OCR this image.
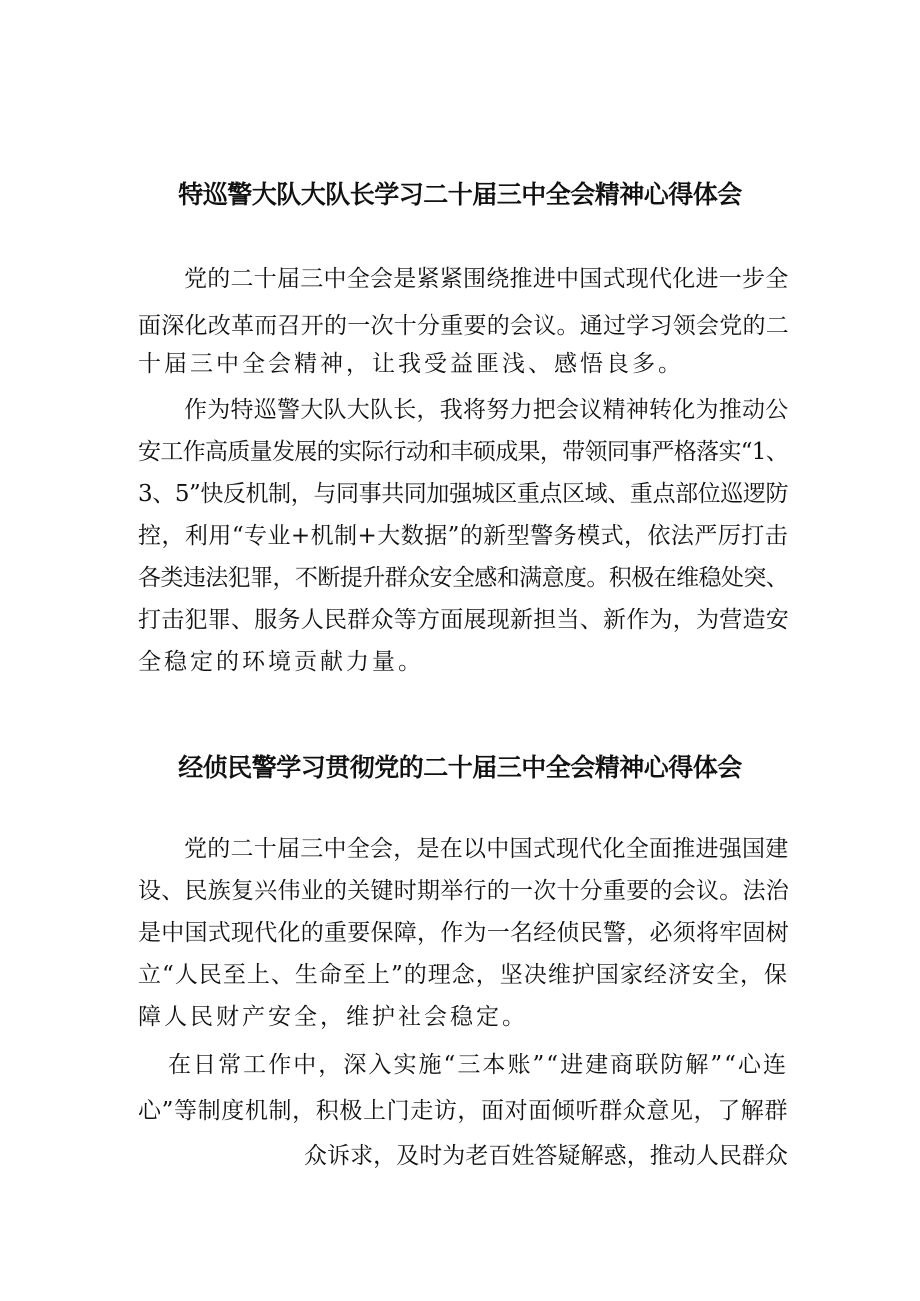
特巡警大队大队长学习二十届三中全会精神心得体会
党的二十届三中全会是紧紧围绕推进中国式现代化进一步全
面深化改革而召开的一次十分重要的会议。通过学习领会党的二
十届三中全会精神，让我受益匪浅、感悟良多。
作为特巡警大队大队长，我将努力把会议精神转化为推动公
安工作高质量发展的实际行动和丰硕成果，带领同事严格落实“1、
3、5”快反机制，与同事共同加强城区重点区域、重点部位巡逻防
控，利用“专业+机制+大数据”的新型警务模式，依法严厉打击
各类违法犯罪，不断提升群众安全感和满意度。积极在维稳处突、
打击犯罪、服务人民群众等方面展现新担当、新作为，为营造安
全稳定的环境贡献力量。
经侦民警学习贯彻党的二十届三中全会精神心得体会
党的二十届三中全会，是在以中国式现代化全面推进强国建
设、民族复兴伟业的关键时期举行的一次十分重要的会议。法治
是中国式现代化的重要保障，作为一名经侦民警，必须将牢固树
立“人民至上、生命至上”的理念，坚决维护国家经济安全，保
障人民财产安全，维护社会稳定。
在日常工作中，深入实施“三本账”“进建商联防解”“心连
心”等制度机制，积极上门走访，面对面倾听群众意见，了解群
众诉求，及时为老百姓答疑解惑，推动人民群众
